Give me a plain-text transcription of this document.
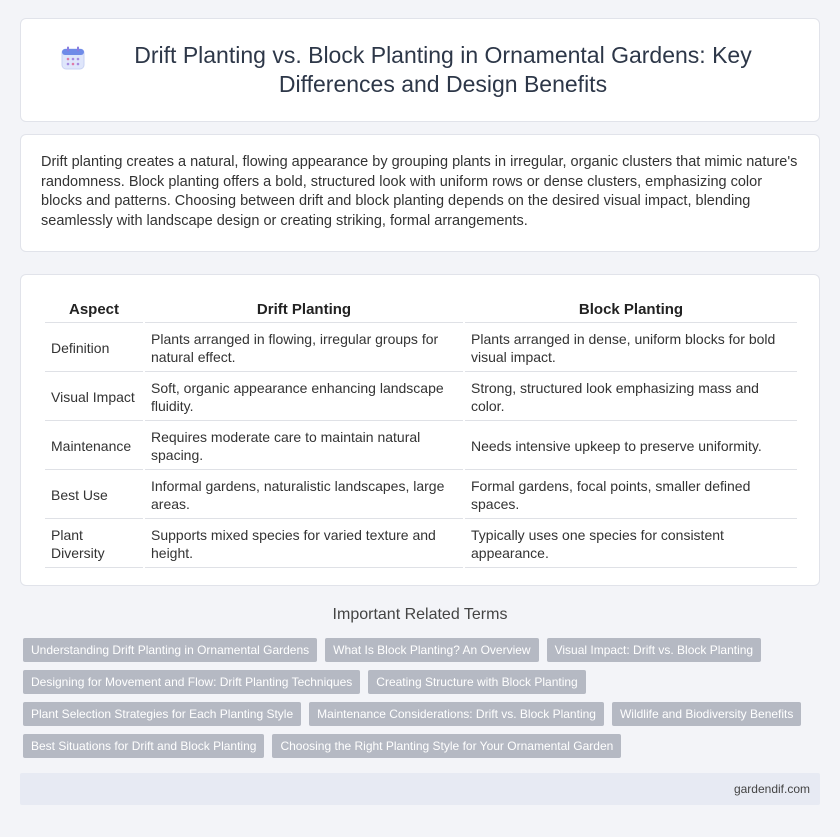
Drift Planting vs. Block Planting in Ornamental Gardens: Key Differences and Design Benefits

Drift planting creates a natural, flowing appearance by grouping plants in irregular, organic clusters that mimic nature's randomness. Block planting offers a bold, structured look with uniform rows or dense clusters, emphasizing color blocks and patterns. Choosing between drift and block planting depends on the desired visual impact, blending seamlessly with landscape design or creating striking, formal arrangements.

Aspect	Drift Planting	Block Planting
Definition	Plants arranged in flowing, irregular groups for natural effect.	Plants arranged in dense, uniform blocks for bold visual impact.
Visual Impact	Soft, organic appearance enhancing landscape fluidity.	Strong, structured look emphasizing mass and color.
Maintenance	Requires moderate care to maintain natural spacing.	Needs intensive upkeep to preserve uniformity.
Best Use	Informal gardens, naturalistic landscapes, large areas.	Formal gardens, focal points, smaller defined spaces.
Plant Diversity	Supports mixed species for varied texture and height.	Typically uses one species for consistent appearance.
Important Related Terms
Understanding Drift Planting in Ornamental Gardens	What Is Block Planting? An Overview	Visual Impact: Drift vs. Block Planting
Designing for Movement and Flow: Drift Planting Techniques	Creating Structure with Block Planting
Plant Selection Strategies for Each Planting Style	Maintenance Considerations: Drift vs. Block Planting	Wildlife and Biodiversity Benefits
Best Situations for Drift and Block Planting	Choosing the Right Planting Style for Your Ornamental Garden
gardendif.com
